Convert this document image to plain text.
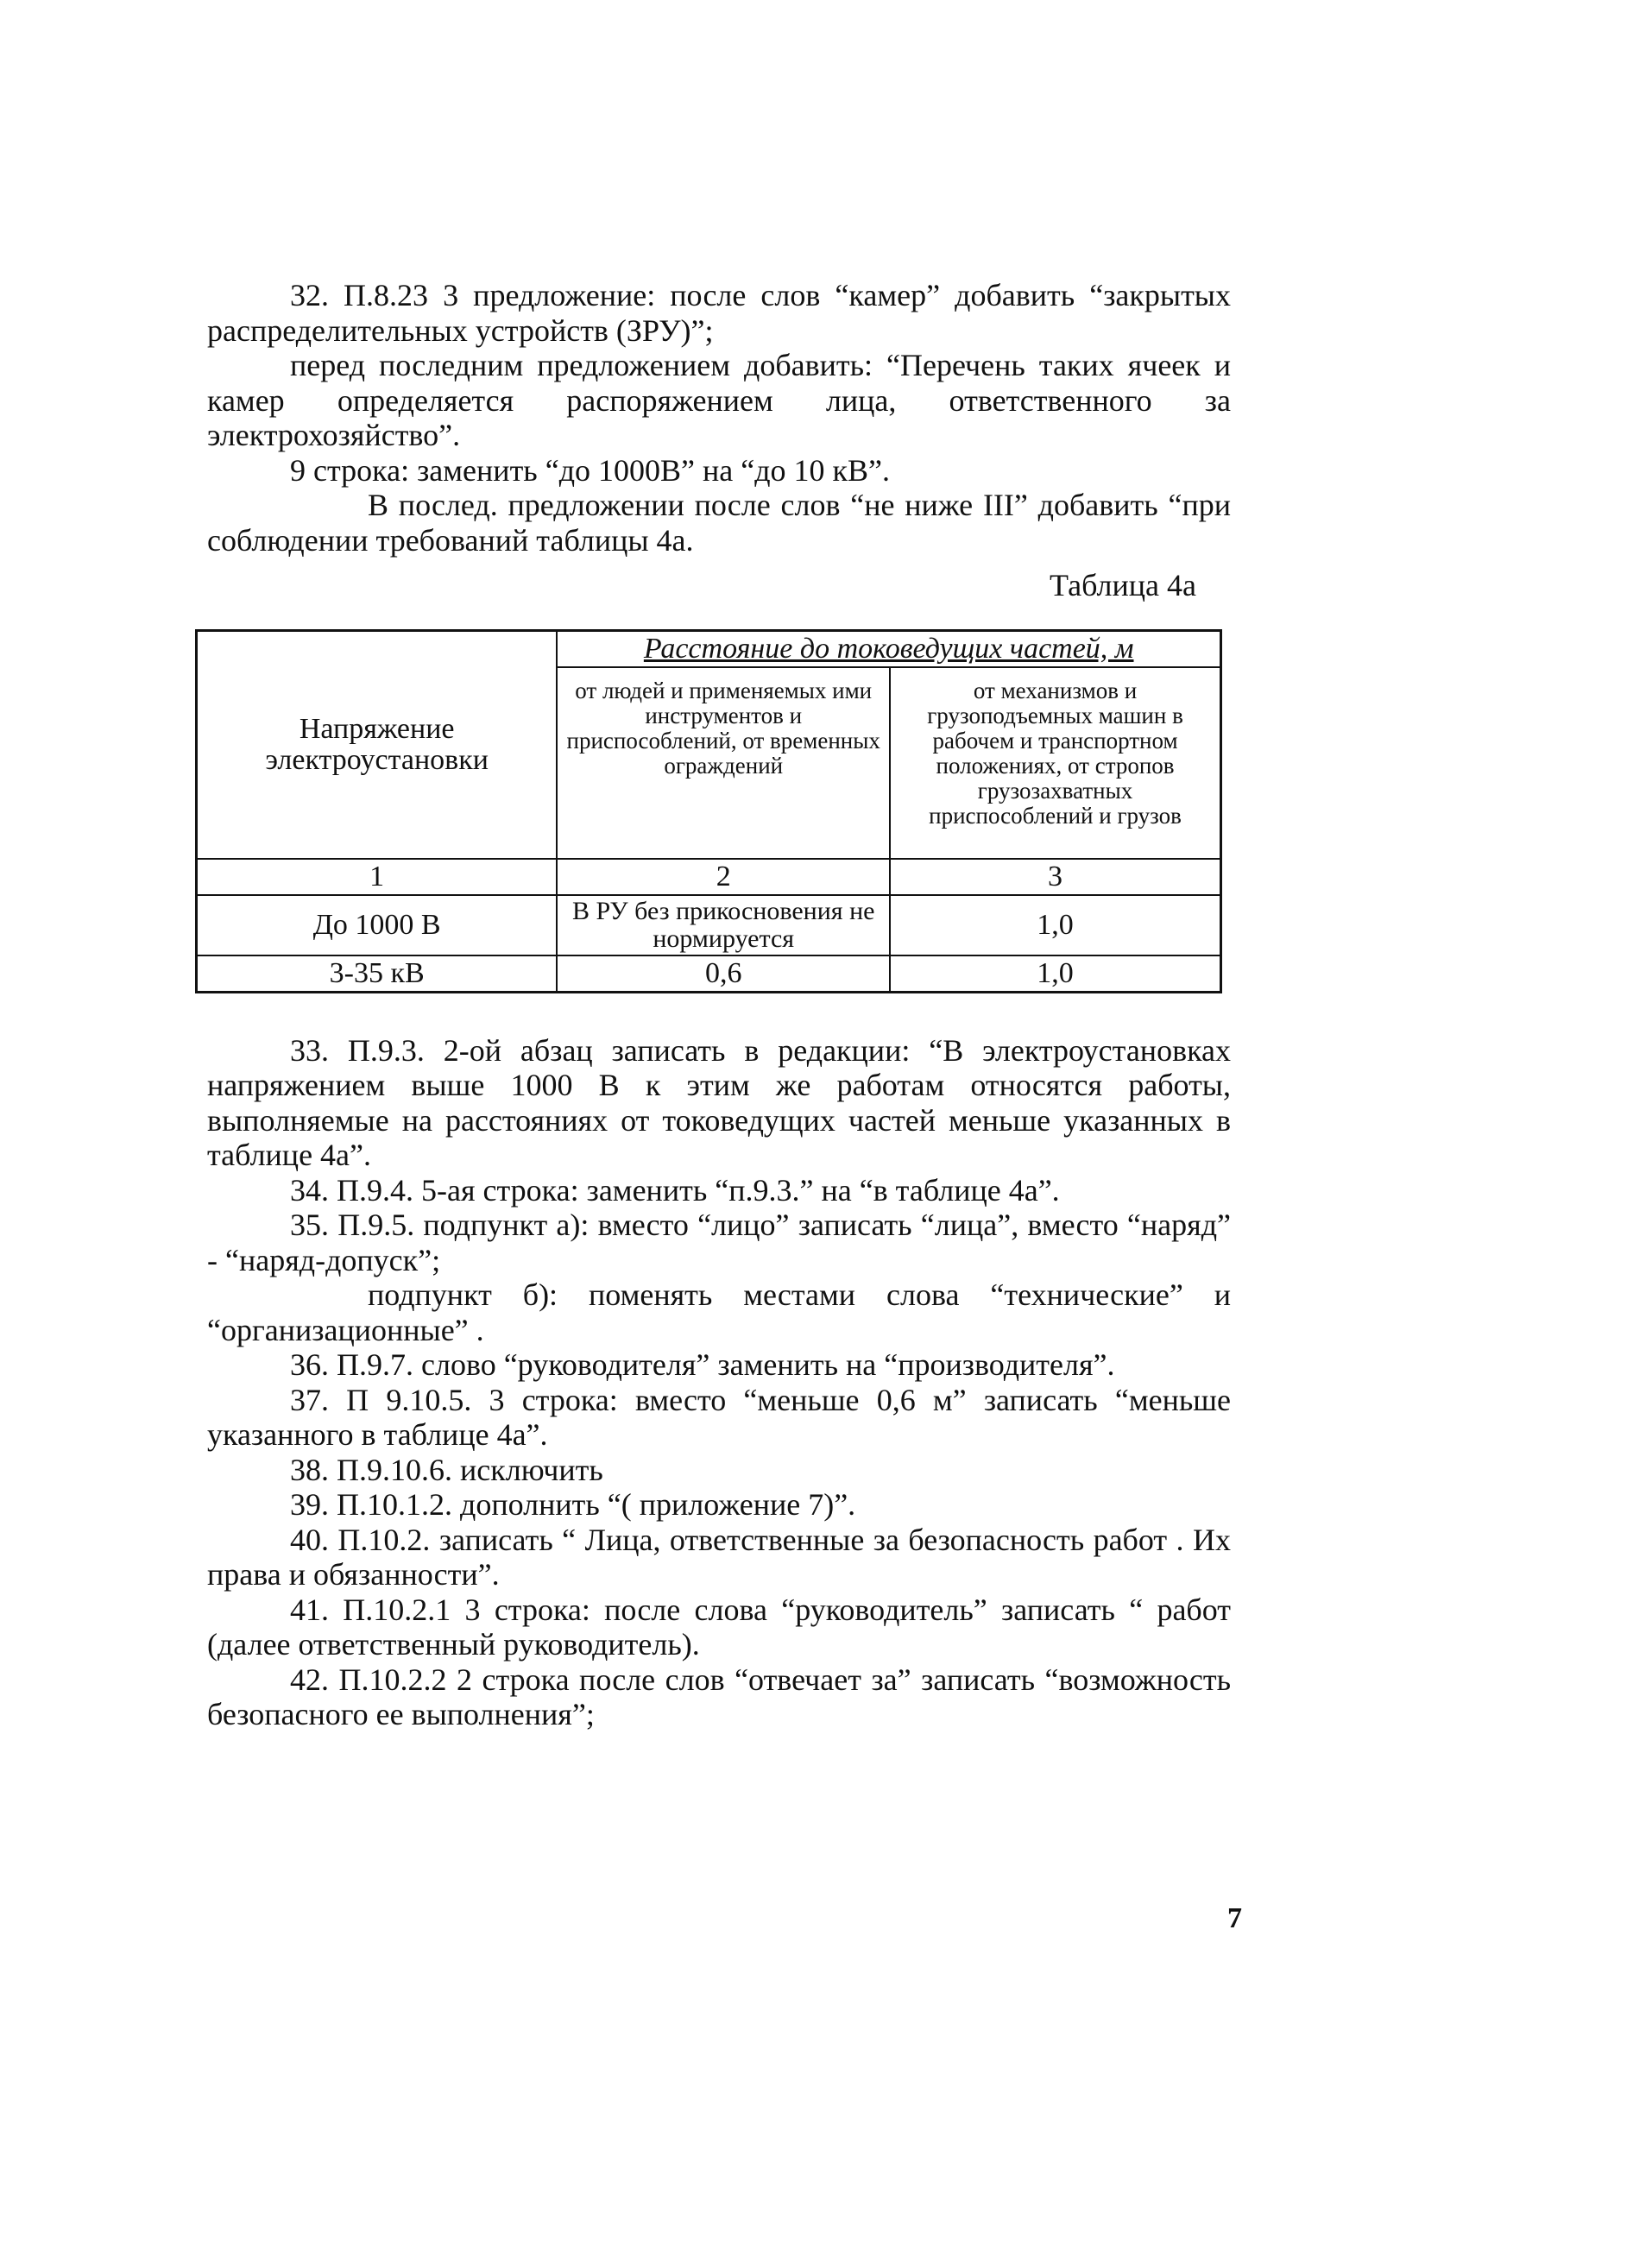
32. П.8.23 3 предложение: после слов “камер” добавить “закрытых распределительных устройств (ЗРУ)”;

перед последним предложением добавить: “Перечень таких ячеек и камер определяется распоряжением лица, ответственного за электрохозяйство”.

9 строка: заменить “до 1000В” на “до 10 кВ”.

В послед. предложении после слов “не ниже III” добавить “при соблюдении требований таблицы 4а.

Таблица 4а
Напряжение электроустановки	Расстояние до токоведущих частей, м	
	от людей и применяемых ими инструментов и приспособлений, от временных ограждений	от механизмов и грузоподъемных машин в рабочем и транспортном положениях, от стропов грузозахватных приспособлений и грузов
1	2	3
До 1000 В	В РУ без прикосновения не нормируется	1,0
3-35 кВ	0,6	1,0

33. П.9.3. 2-ой абзац записать в редакции: “В электроустановках напряжением выше 1000 В к этим же работам относятся работы, выполняемые на расстояниях от токоведущих частей меньше указанных в таблице 4а”.

34. П.9.4. 5-ая строка: заменить “п.9.3.” на “в таблице 4а”.

35. П.9.5. подпункт а): вместо “лицо” записать “лица”, вместо “наряд” - “наряд-допуск”;

подпункт б): поменять местами слова “технические” и “организационные” .

36. П.9.7. слово “руководителя” заменить на “производителя”.

37. П 9.10.5. 3 строка: вместо “меньше 0,6 м” записать “меньше указанного в таблице 4а”.

38. П.9.10.6. исключить

39. П.10.1.2. дополнить “( приложение 7)”.

40. П.10.2. записать “ Лица, ответственные за безопасность работ . Их права и обязанности”.

41. П.10.2.1 3 строка: после слова “руководитель” записать “ работ (далее ответственный руководитель).

42. П.10.2.2 2 строка после слов “отвечает за” записать “возможность безопасного ее выполнения”;

7
